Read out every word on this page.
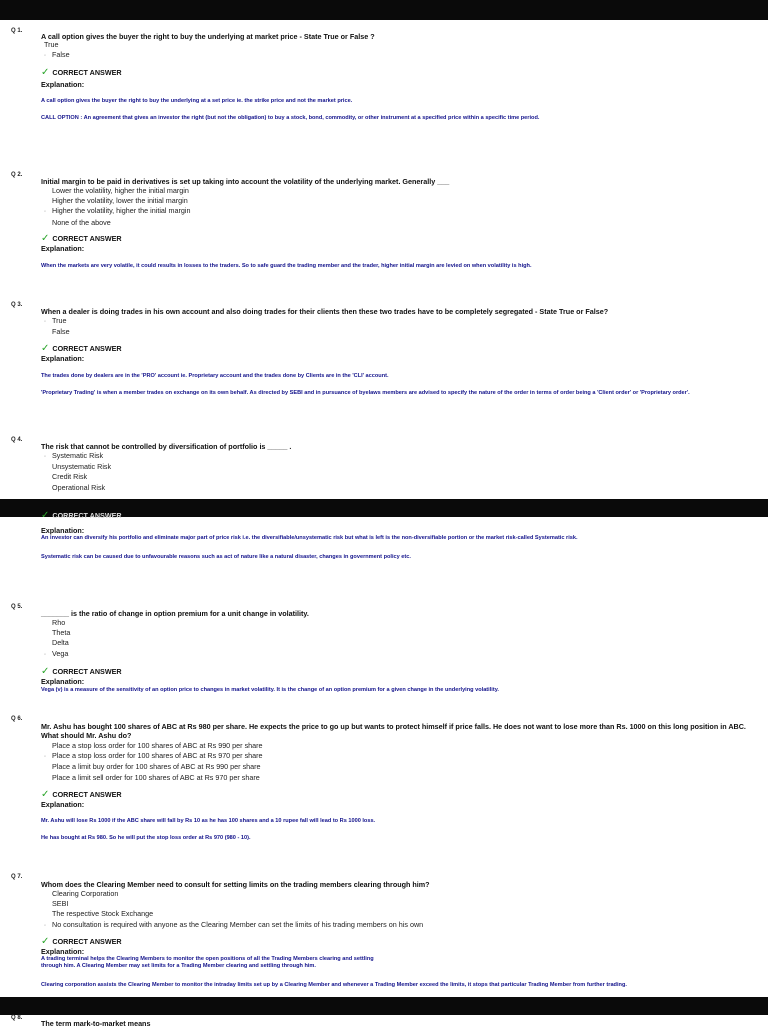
Q 1.
A call option gives the buyer the right to buy the underlying at market price - State True or False ?
True
◦ False
✓ CORRECT ANSWER
Explanation:
A call option gives the buyer the right to buy the underlying at a set price ie. the strike price and not the market price.
CALL OPTION : An agreement that gives an investor the right (but not the obligation) to buy a stock, bond, commodity, or other instrument at a specified price within a specific time period.
Q 2.
Initial margin to be paid in derivatives is set up taking into account the volatility of the underlying market. Generally ___
Lower the volatility, higher the initial margin
Higher the volatility, lower the initial margin
◦ Higher the volatility, higher the initial margin
None of the above
✓ CORRECT ANSWER
Explanation:
When the markets are very volatile, it could results in losses to the traders. So to safe guard the trading member and the trader, higher initial margin are levied on when volatility is high.
Q 3.
When a dealer is doing trades in his own account and also doing trades for their clients then these two trades have to be completely segregated - State True or False?
◦ True
False
✓ CORRECT ANSWER
Explanation:
The trades done by dealers are in the 'PRO' account ie. Proprietary account and the trades done by Clients are in the 'CLI' account.
'Proprietary Trading' is when a member trades on exchange on its own behalf. As directed by SEBI and in pursuance of byelaws members are advised to specify the nature of the order in terms of order being a 'Client order' or 'Proprietary order'.
Q 4.
The risk that cannot be controlled by diversification of portfolio is _____ .
◦ Systematic Risk
Unsystematic Risk
Credit Risk
Operational Risk
✓ CORRECT ANSWER
Explanation:
An investor can diversify his portfolio and eliminate major part of price risk i.e. the diversifiable/unsystematic risk but what is left is the non-diversifiable portion or the market risk-called Systematic risk.
Systematic risk can be caused due to unfavourable reasons such as act of nature like a natural disaster, changes in government policy etc.
Q 5.
_______ is the ratio of change in option premium for a unit change in volatility.
Rho
Theta
Delta
◦ Vega
✓ CORRECT ANSWER
Explanation:
Vega (v) is a measure of the sensitivity of an option price to changes in market volatility. It is the change of an option premium for a given change in the underlying volatility.
Q 6.
Mr. Ashu has bought 100 shares of ABC at Rs 980 per share. He expects the price to go up but wants to protect himself if price falls. He does not want to lose more than Rs. 1000 on this long position in ABC. What should Mr. Ashu do?
Place a stop loss order for 100 shares of ABC at Rs 990 per share
◦ Place a stop loss order for 100 shares of ABC at Rs 970 per share
Place a limit buy order for 100 shares of ABC at Rs 990 per share
Place a limit sell order for 100 shares of ABC at Rs 970 per share
✓ CORRECT ANSWER
Explanation:
Mr. Ashu will lose Rs 1000 if the ABC share will fall by Rs 10 as he has 100 shares and a 10 rupee fall will lead to Rs 1000 loss.
He has bought at Rs 980. So he will put the stop loss order at Rs 970 (980 - 10).
Q 7.
Whom does the Clearing Member need to consult for setting limits on the trading members clearing through him?
Clearing Corporation
SEBI
The respective Stock Exchange
◦ No consultation is required with anyone as the Clearing Member can set the limits of his trading members on his own
✓ CORRECT ANSWER
Explanation:
A trading terminal helps the Clearing Members to monitor the open positions of all the Trading Members clearing and settling through him. A Clearing Member may set limits for a Trading Member clearing and settling through him.
Clearing corporation assists the Clearing Member to monitor the intraday limits set up by a Clearing Member and whenever a Trading Member exceed the limits, it stops that particular Trading Member from further trading.
Q 8.
The term mark-to-market means
